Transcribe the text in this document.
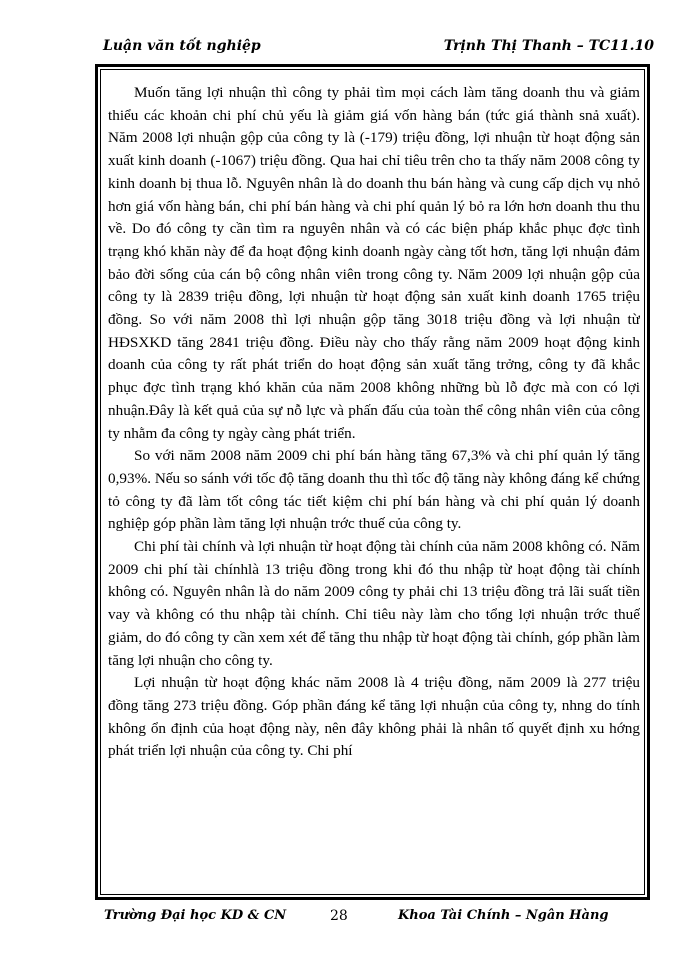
Luận văn tốt nghiệp	Trịnh Thị Thanh – TC11.10

Muốn tăng lợi nhuận thì công ty phải tìm mọi cách làm tăng doanh thu và giảm thiểu các khoản chi phí chủ yếu là giảm giá vốn hàng bán (tức giá thành snả xuất). Năm 2008 lợi nhuận gộp của công ty là (-179) triệu đồng, lợi nhuận từ hoạt động sản xuất kinh doanh (-1067) triệu đồng. Qua hai chỉ tiêu trên cho ta thấy năm 2008 công ty kinh doanh bị thua lỗ. Nguyên nhân là do doanh thu bán hàng và cung cấp dịch vụ nhỏ hơn giá vốn hàng bán, chi phí bán hàng và chi phí quản lý bỏ ra lớn hơn doanh thu thu về. Do đó công ty cần tìm ra nguyên nhân và có các biện pháp khắc phục đợc tình trạng khó khăn này để đa hoạt động kinh doanh ngày càng tốt hơn, tăng lợi nhuận đảm bảo đời sống của cán bộ công nhân viên trong công ty. Năm 2009 lợi nhuận gộp của công ty là 2839 triệu đồng, lợi nhuận từ hoạt động sản xuất kinh doanh 1765 triệu đồng. So với năm 2008 thì lợi nhuận gộp tăng 3018 triệu đồng và lợi nhuận từ HĐSXKD tăng 2841 triệu đồng. Điều này cho thấy rằng năm 2009 hoạt động kinh doanh của công ty rất phát triển do hoạt động sản xuất tăng trởng, công ty đã khắc phục đợc tình trạng khó khăn của năm 2008 không những bù lỗ đợc mà con có lợi nhuận.Đây là kết quả của sự nỗ lực và phấn đấu của toàn thể công nhân viên của công ty nhằm đa công ty ngày càng phát triển.

So với năm 2008 năm 2009 chi phí bán hàng tăng 67,3% và chi phí quản lý tăng 0,93%. Nếu so sánh với tốc độ tăng doanh thu thì tốc độ tăng này không đáng kể chứng tỏ công ty đã làm tốt công tác tiết kiệm chi phí bán hàng và chi phí quản lý doanh nghiệp góp phần làm tăng lợi nhuận trớc thuế của công ty.

Chi phí tài chính và lợi nhuận từ hoạt động tài chính của năm 2008 không có. Năm 2009 chi phí tài chínhlà 13 triệu đồng trong khi đó thu nhập từ hoạt động tài chính không có. Nguyên nhân là do năm 2009 công ty phải chi 13 triệu đồng trả lãi suất tiền vay và không có thu nhập tài chính. Chỉ tiêu này làm cho tổng lợi nhuận trớc thuế giảm, do đó công ty cần xem xét để tăng thu nhập từ hoạt động tài chính, góp phần làm tăng lợi nhuận cho công ty.

Lợi nhuận từ hoạt động khác năm 2008 là 4 triệu đồng, năm 2009 là 277 triệu đồng tăng 273 triệu đồng. Góp phần đáng kể tăng lợi nhuận của công ty, nhng do tính không ổn định của hoạt động này, nên đây không phải là nhân tố quyết định xu hớng phát triển lợi nhuận của công ty. Chi phí

Trường Đại học KD & CN	28	Khoa Tài Chính – Ngân Hàng
